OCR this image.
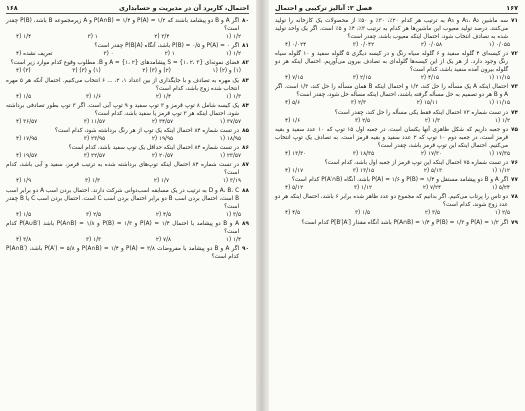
احتمال، کاربرد آن در مدیریت و حسابداری
۱۶۸
۸۰
اگر A و B دو پیشامد باشند که P(A) = ۱/۲ و P(A∩B) = ۱/۴ و A زیرمجموعه B باشد، P(B) چقدر است؟
۱/۲ (۱
۳/۴ (۲
۱ (۳
۱/۴ (۴
۸۱
اگر P(A) = ۰ و P(B) = ۰/۵ باشد، آنگاه P(B|A) چقدر است؟
۱/۲ (۱
۱ (۲
۰ (۳
تعریف نشده (۴
۸۲
فضای نمونه‌ای S = {۱، ۲، ۳} پیشامدهای A = {۱، ۲} و B. مطلوب وقوع کدام موارد زیر است؟
(۱) و (۲) (۱
(۲) و (۳) (۲
(۱) و (۳) (۳
(۳) (۴
۸۳
یک مهره به تصادف و با جایگذاری از بین اعداد ۱، ۲، ... ۶ انتخاب می‌کنیم. احتمال آنکه هر ۵ مهره انتخاب شده زوج باشد، کدام است؟
۱/۳ (۱
۱/۴ (۲
۱/۶ (۳
۱/۵ (۴
۸۴
یک کیسه شامل ۸ توپ قرمز و ۳ توپ سفید و ۹ توپ آبی است. اگر ۳ توپ بطور تصادفی برداشته شود، احتمال اینکه هر ۳ توپ قرمز یا سفید باشد، کدام است؟
۳۷/۵۷ (۱
۳۴/۵۷ (۲
۱۱/۵۷ (۳
۳۶/۵۷ (۴
۸۵
در تست شماره ۸۴ احتمال اینکه یک توپ از هر رنگ برداشته شود، کدام است؟
۱۸/۹۵ (۱
۱۹/۹۵ (۲
۲۳/۹۵ (۳
۱۷/۹۵ (۴
۸۶
در تست شماره ۸۴ احتمال اینکه حداقل یک توپ سفید باشد، کدام است؟
۲۳/۵۷ (۱
۲۰/۵۷ (۲
۲۲/۵۷ (۳
۱۹/۵۷ (۴
۸۷
در تست شماره ۸۴ احتمال اینکه توپ‌های برداشته شده به ترتیب قرمز، سفید و آبی باشد، کدام است؟
۳/۱۹ (۱
۱/۷ (۲
۱/۳ (۳
۱/۹ (۴
۸۸
A، B، C و D به ترتیب در یک مسابقه اسب‌دوانی شرکت دارند. احتمال بردن اسب A دو برابر اسب B است، احتمال بردن اسب B دو برابر احتمال بردن اسب C است. احتمال بردن اسب C یا B چقدر است؟
۳/۵ (۱
۴/۵ (۲
۲/۵ (۳
۱/۵ (۴
۸۹
A و B دو پیشامد با احتمال P(A) = ۱/۴ و P(B) = ۱/۳ و P(A∩B) = ۱/۸ باشد P(A∪B′) کدام است؟
۱/۴ (۱
۷/۸ (۲
۱/۳ (۳
۳/۸ (۴
۹۰
اگر A و B دو پیشامد با مفروضات P(A) = ۳/۸ و P(A∩B) = ۱/۴ و P(A′) = ۵/۸ باشد، P(A∩B′) کدام است؟
۱۶۷
فصل ۲: آنالیز ترکیبی و احتمال
۷۱
سه ماشین A₁، A₂ و A₃ به ترتیب هر کدام ۲۰٪، ۳۰٪ و ۵۰٪ از محصولات یک کارخانه را تولید می‌کنند. درصد تولید معیوب این ماشین‌ها هر کدام به ترتیب ۳٪، ۴٪ و ۵٪ است. اگر یک واحد تولید شده به تصادف انتخاب شود، احتمال اینکه معیوب باشد، چقدر است؟
۰/۰۵۵ (۱
۰/۰۵۸ (۲
۰/۰۴۲ (۳
۰/۰۲۴ (۴
۷۲
در کیسه‌ای ۴ گلوله سفید و ۶ گلوله سیاه رنگ و در کیسه دیگری ۵ گلوله سفید و ۱۰ گلوله سیاه رنگ وجود دارد. از هر یک از این کیسه‌ها گلوله‌ای به تصادف بیرون می‌آوریم. احتمال اینکه هر دو گلوله بیرون آمده سفید باشد، کدام است؟
۱۱/۱۵ (۱
۴/۱۵ (۲
۲/۱۵ (۳
۷/۱۵ (۴
۷۳
احتمال اینکه A یک مسأله را حل کند، ۱/۲ و احتمال اینکه B همان مسأله را حل کند، ۱/۳ است. اگر A و B هر دو تصمیم به حل مسأله گرفته باشند، احتمال اینکه مسأله حل شود، چقدر است؟
۱۱/۱۵ (۱
۱۵/۱۱ (۲
۲/۳ (۳
۵/۶ (۴
۷۴
در تست شماره ۷۳ احتمال اینکه فقط یکی مسأله را حل کند، چقدر است؟
۱/۲ (۱
۱/۳ (۲
۲/۵ (۳
۱/۶ (۴
۷۵
دو جعبه داریم که شکل ظاهری آنها یکسان است. در جعبه اول ۱۵ توپ که ۱۰ عدد سفید و بقیه قرمز است، در جعبه دوم ۱۰ توپ که ۲ عدد سفید و بقیه قرمز است. به تصادف یک توپ انتخاب می‌کنیم. احتمال اینکه این توپ قرمز باشد، چقدر است؟
۱۷/۳۵ (۱
۱۷/۳۰ (۲
۱۸/۳۵ (۳
۱۳/۳۰ (۴
۷۶
در تست شماره ۷۵ احتمال اینکه این توپ قرمز از جعبه اول باشد، کدام است؟
۱/۱۲ (۱
۵/۱۳ (۲
۱۳/۱۵ (۳
۱/۱۷ (۴
۷۷
اگر A و B دو پیشامد مستقل و P(B) = ۱/۴ و P(A) = ۱/۶ باشد، آنگاه P(A′∩B) کدام است؟
۵/۲۴ (۱
۷/۲۴ (۲
۱/۱۲ (۳
۵/۱۲ (۴
۷۸
دو تاس را پرتاب می‌کنیم. اگر بدانیم که مجموع دو عدد ظاهر شده برابر ۶ باشد، احتمال اینکه هر دو عدد زوج شوند، کدام است؟
۲/۵ (۱
۳/۵ (۲
۱/۵ (۳
۴/۵ (۴
۷۹
اگر P(A) = ۱/۲ و P(B) = ۱/۳ و P(A∩B) = ۱/۴ باشد آنگاه مقدار P[B′|A′] کدام است؟
